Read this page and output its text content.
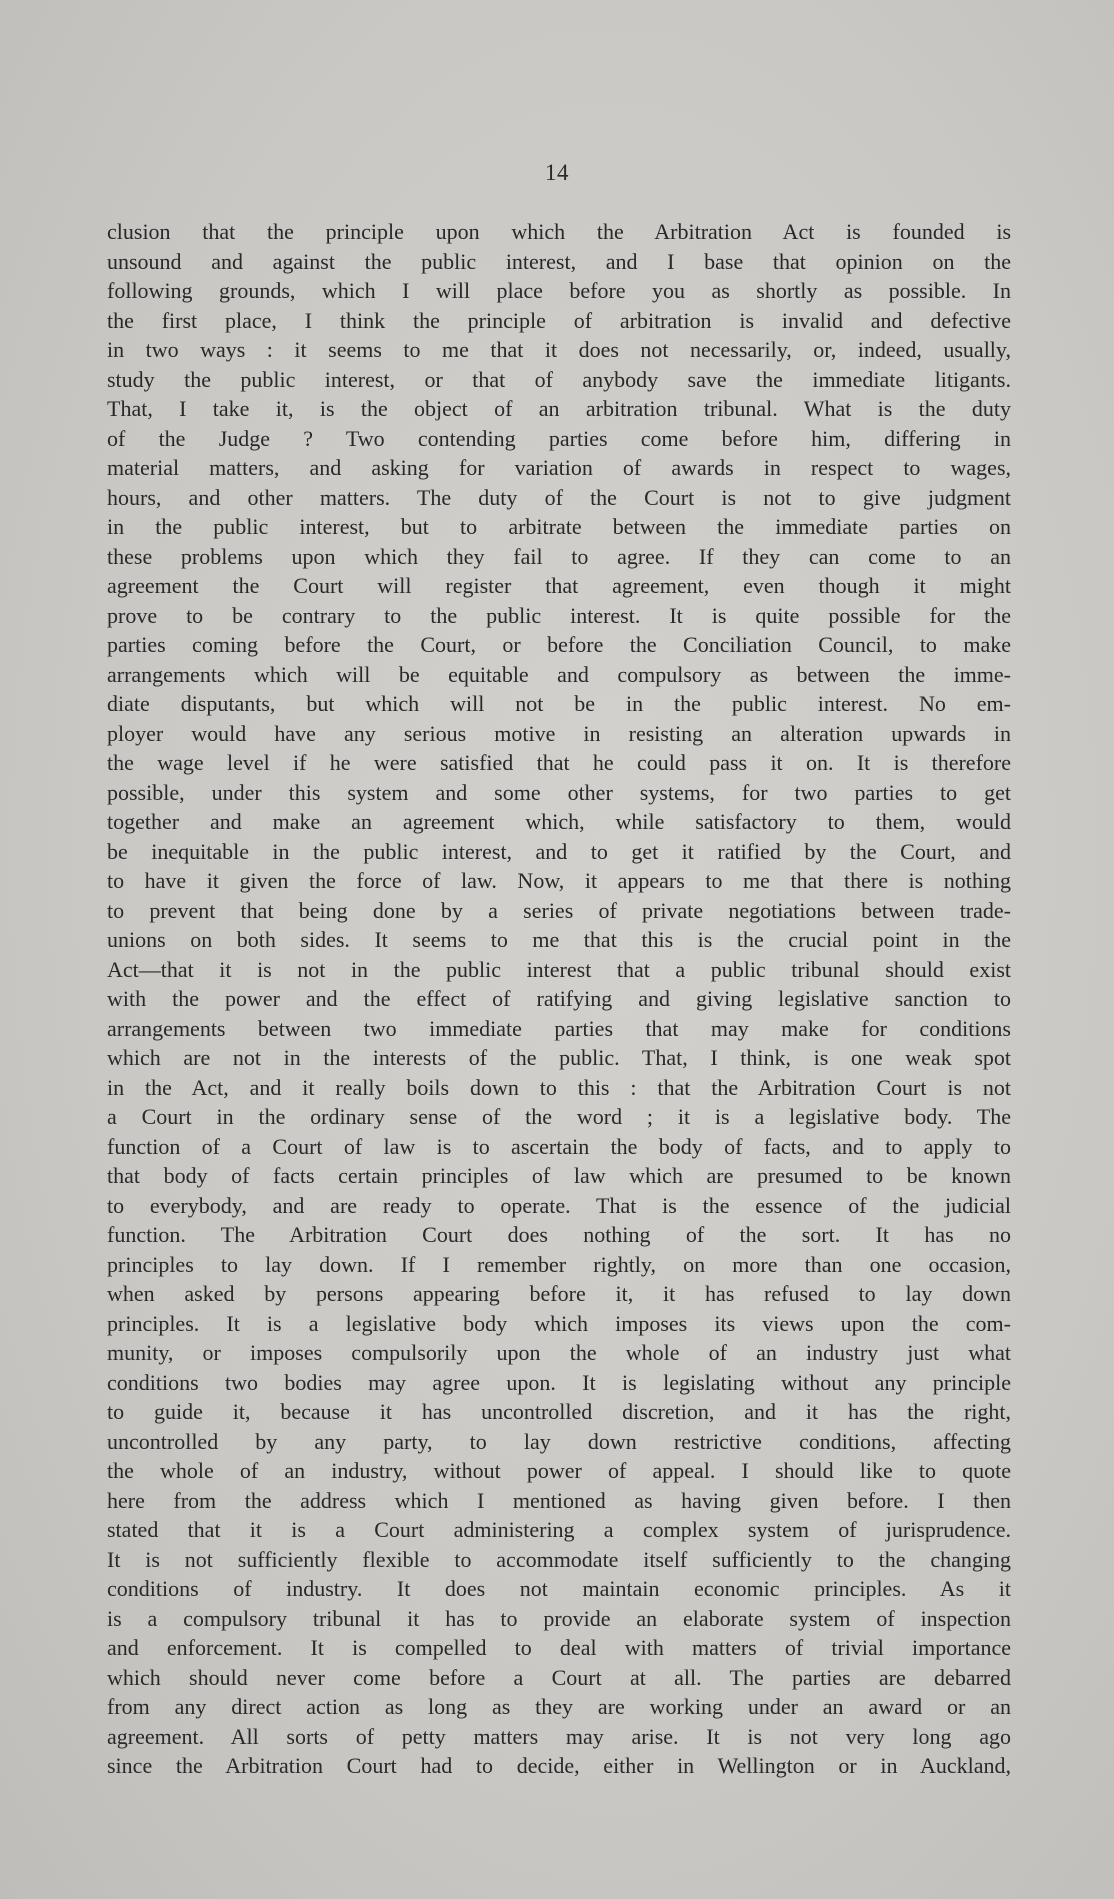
14
clusion that the principle upon which the Arbitration Act is founded is
unsound and against the public interest, and I base that opinion on the
following grounds, which I will place before you as shortly as possible. In
the first place, I think the principle of arbitration is invalid and defective
in two ways : it seems to me that it does not necessarily, or, indeed, usually,
study the public interest, or that of anybody save the immediate litigants.
That, I take it, is the object of an arbitration tribunal. What is the duty
of the Judge ? Two contending parties come before him, differing in
material matters, and asking for variation of awards in respect to wages,
hours, and other matters. The duty of the Court is not to give judgment
in the public interest, but to arbitrate between the immediate parties on
these problems upon which they fail to agree. If they can come to an
agreement the Court will register that agreement, even though it might
prove to be contrary to the public interest. It is quite possible for the
parties coming before the Court, or before the Conciliation Council, to make
arrangements which will be equitable and compulsory as between the imme-
diate disputants, but which will not be in the public interest. No em-
ployer would have any serious motive in resisting an alteration upwards in
the wage level if he were satisfied that he could pass it on. It is therefore
possible, under this system and some other systems, for two parties to get
together and make an agreement which, while satisfactory to them, would
be inequitable in the public interest, and to get it ratified by the Court, and
to have it given the force of law. Now, it appears to me that there is nothing
to prevent that being done by a series of private negotiations between trade-
unions on both sides. It seems to me that this is the crucial point in the
Act—that it is not in the public interest that a public tribunal should exist
with the power and the effect of ratifying and giving legislative sanction to
arrangements between two immediate parties that may make for conditions
which are not in the interests of the public. That, I think, is one weak spot
in the Act, and it really boils down to this : that the Arbitration Court is not
a Court in the ordinary sense of the word ; it is a legislative body. The
function of a Court of law is to ascertain the body of facts, and to apply to
that body of facts certain principles of law which are presumed to be known
to everybody, and are ready to operate. That is the essence of the judicial
function. The Arbitration Court does nothing of the sort. It has no
principles to lay down. If I remember rightly, on more than one occasion,
when asked by persons appearing before it, it has refused to lay down
principles. It is a legislative body which imposes its views upon the com-
munity, or imposes compulsorily upon the whole of an industry just what
conditions two bodies may agree upon. It is legislating without any principle
to guide it, because it has uncontrolled discretion, and it has the right,
uncontrolled by any party, to lay down restrictive conditions, affecting
the whole of an industry, without power of appeal. I should like to quote
here from the address which I mentioned as having given before. I then
stated that it is a Court administering a complex system of jurisprudence.
It is not sufficiently flexible to accommodate itself sufficiently to the changing
conditions of industry. It does not maintain economic principles. As it
is a compulsory tribunal it has to provide an elaborate system of inspection
and enforcement. It is compelled to deal with matters of trivial importance
which should never come before a Court at all. The parties are debarred
from any direct action as long as they are working under an award or an
agreement. All sorts of petty matters may arise. It is not very long ago
since the Arbitration Court had to decide, either in Wellington or in Auckland,
